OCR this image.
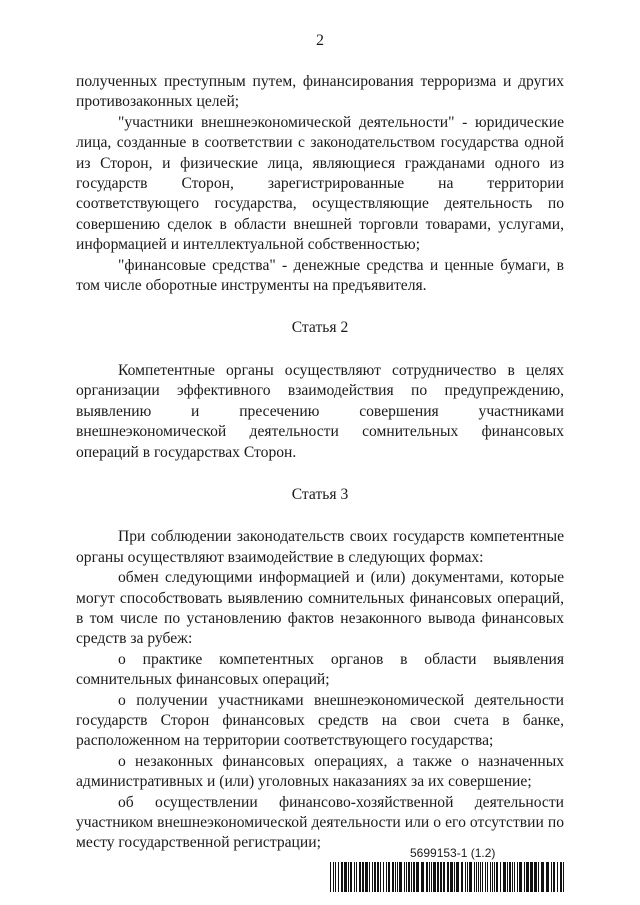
2

полученных преступным путем, финансирования терроризма и других противозаконных целей;

"участники внешнеэкономической деятельности" - юридические лица, созданные в соответствии с законодательством государства одной из Сторон, и физические лица, являющиеся гражданами одного из государств Сторон, зарегистрированные на территории соответствующего государства, осуществляющие деятельность по совершению сделок в области внешней торговли товарами, услугами, информацией и интеллектуальной собственностью;

"финансовые средства" - денежные средства и ценные бумаги, в том числе оборотные инструменты на предъявителя.

Статья 2

Компетентные органы осуществляют сотрудничество в целях организации эффективного взаимодействия по предупреждению, выявлению и пресечению совершения участниками внешнеэкономической деятельности сомнительных финансовых операций в государствах Сторон.

Статья 3

При соблюдении законодательств своих государств компетентные органы осуществляют взаимодействие в следующих формах:

обмен следующими информацией и (или) документами, которые могут способствовать выявлению сомнительных финансовых операций, в том числе по установлению фактов незаконного вывода финансовых средств за рубеж:

о практике компетентных органов в области выявления сомнительных финансовых операций;

о получении участниками внешнеэкономической деятельности государств Сторон финансовых средств на свои счета в банке, расположенном на территории соответствующего государства;

о незаконных финансовых операциях, а также о назначенных административных и (или) уголовных наказаниях за их совершение;

об осуществлении финансово-хозяйственной деятельности участником внешнеэкономической деятельности или о его отсутствии по месту государственной регистрации;

5699153-1 (1.2)
